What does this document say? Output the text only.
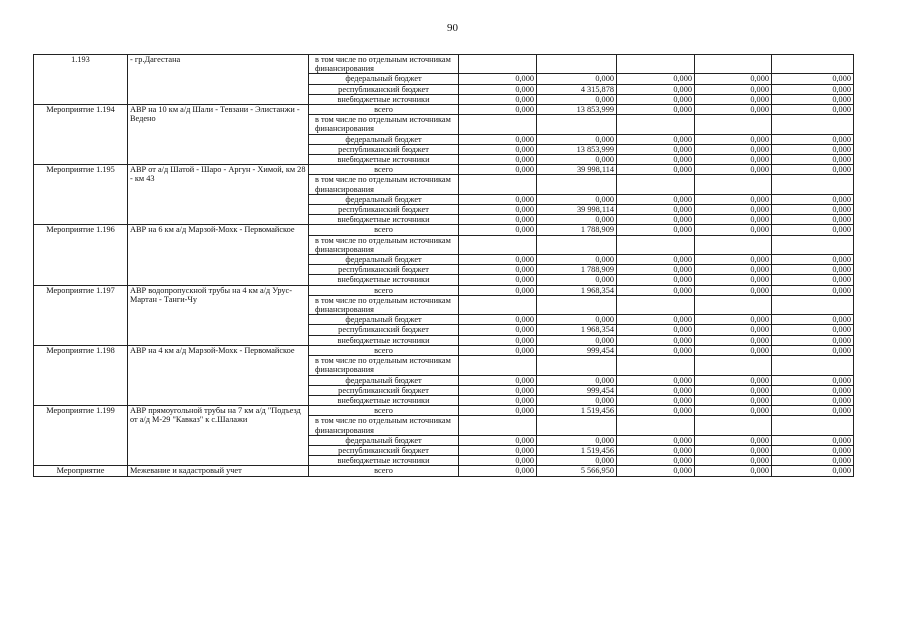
90
1.193	- гр.Дагестана	в том числе по отдельным источникам финансирования					
		федеральный бюджет	0,000	0,000	0,000	0,000	0,000
		республиканский бюджет	0,000	4 315,878	0,000	0,000	0,000
		внебюджетные источники	0,000	0,000	0,000	0,000	0,000
Мероприятие 1.194	АВР на 10 км а/д Шали - Тевзани - Элистанжи - Ведено	всего	0,000	13 853,999	0,000	0,000	0,000
		в том числе по отдельным источникам финансирования					
		федеральный бюджет	0,000	0,000	0,000	0,000	0,000
		республиканский бюджет	0,000	13 853,999	0,000	0,000	0,000
		внебюджетные источники	0,000	0,000	0,000	0,000	0,000
Мероприятие 1.195	АВР от а/д Шатой - Шаро - Аргун - Химой, км 28 - км 43	всего	0,000	39 998,114	0,000	0,000	0,000
		в том числе по отдельным источникам финансирования					
		федеральный бюджет	0,000	0,000	0,000	0,000	0,000
		республиканский бюджет	0,000	39 998,114	0,000	0,000	0,000
		внебюджетные источники	0,000	0,000	0,000	0,000	0,000
Мероприятие 1.196	АВР на 6 км а/д Марзой-Мохк - Первомайское	всего	0,000	1 788,909	0,000	0,000	0,000
		в том числе по отдельным источникам финансирования					
		федеральный бюджет	0,000	0,000	0,000	0,000	0,000
		республиканский бюджет	0,000	1 788,909	0,000	0,000	0,000
		внебюджетные источники	0,000	0,000	0,000	0,000	0,000
Мероприятие 1.197	АВР водопропускной трубы на 4 км а/д Урус-Мартан - Танги-Чу	всего	0,000	1 968,354	0,000	0,000	0,000
		в том числе по отдельным источникам финансирования					
		федеральный бюджет	0,000	0,000	0,000	0,000	0,000
		республиканский бюджет	0,000	1 968,354	0,000	0,000	0,000
		внебюджетные источники	0,000	0,000	0,000	0,000	0,000
Мероприятие 1.198	АВР на 4 км а/д Марзой-Мохк - Первомайское	всего	0,000	999,454	0,000	0,000	0,000
		в том числе по отдельным источникам финансирования					
		федеральный бюджет	0,000	0,000	0,000	0,000	0,000
		республиканский бюджет	0,000	999,454	0,000	0,000	0,000
		внебюджетные источники	0,000	0,000	0,000	0,000	0,000
Мероприятие 1.199	АВР прямоугольной трубы на 7 км а/д "Подъезд от а/д М-29 "Кавказ" к с.Шалажи	всего	0,000	1 519,456	0,000	0,000	0,000
		в том числе по отдельным источникам финансирования					
		федеральный бюджет	0,000	0,000	0,000	0,000	0,000
		республиканский бюджет	0,000	1 519,456	0,000	0,000	0,000
		внебюджетные источники	0,000	0,000	0,000	0,000	0,000
Мероприятие	Межевание и кадастровый учет	всего	0,000	5 566,950	0,000	0,000	0,000
